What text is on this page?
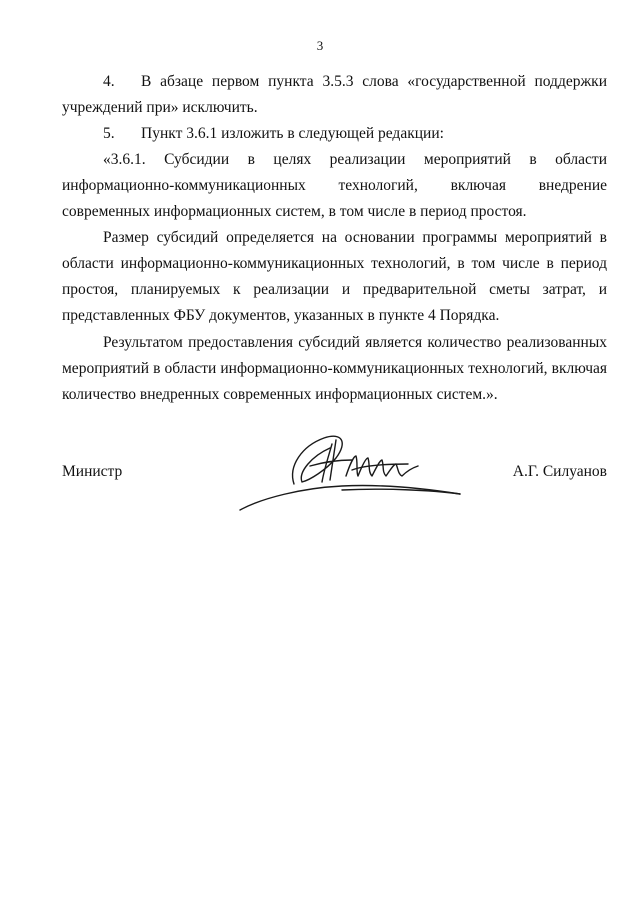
3

4. В абзаце первом пункта 3.5.3 слова «государственной поддержки учреждений при» исключить.

5. Пункт 3.6.1 изложить в следующей редакции:

«3.6.1. Субсидии в целях реализации мероприятий в области информационно-коммуникационных технологий, включая внедрение современных информационных систем, в том числе в период простоя.

Размер субсидий определяется на основании программы мероприятий в области информационно-коммуникационных технологий, в том числе в период простоя, планируемых к реализации и предварительной сметы затрат, и представленных ФБУ документов, указанных в пункте 4 Порядка.

Результатом предоставления субсидий является количество реализованных мероприятий в области информационно-коммуникационных технологий, включая количество внедренных современных информационных систем.».

Министр	А.Г. Силуанов
